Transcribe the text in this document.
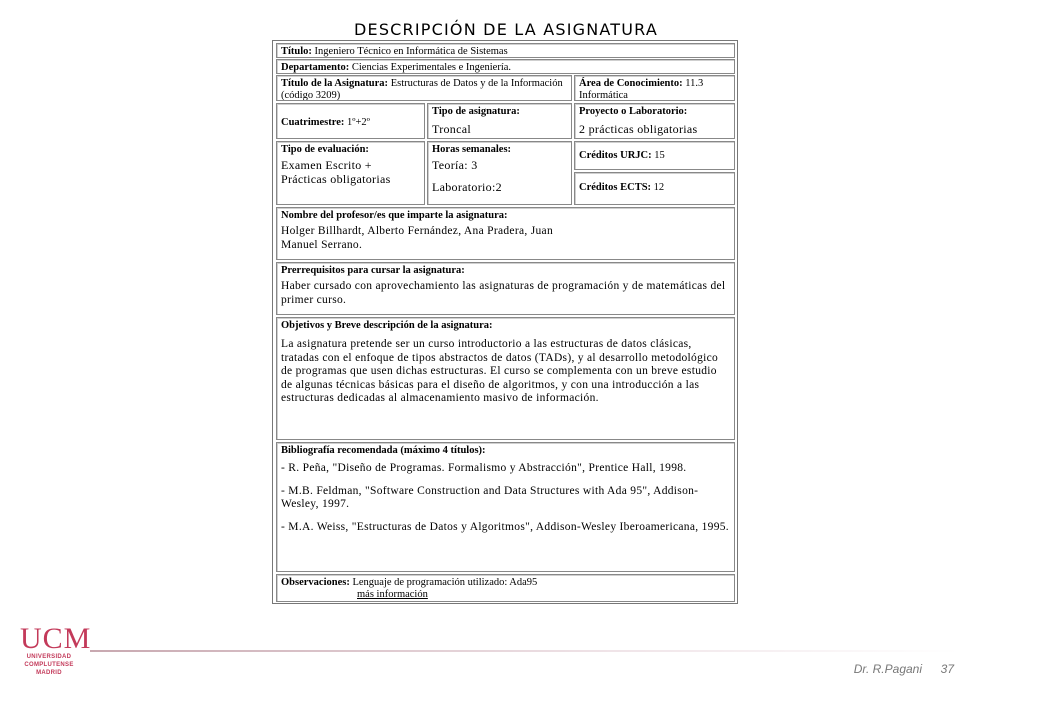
DESCRIPCIÓN DE LA ASIGNATURA
Título: Ingeniero Técnico en Informática de Sistemas
Departamento: Ciencias Experimentales e Ingeniería.
Título de la Asignatura: Estructuras de Datos y de la Información (código 3209)
Área de Conocimiento: 11.3 Informática
Cuatrimestre: 1º+2º
Tipo de asignatura:
Troncal
Proyecto o Laboratorio:
2 prácticas obligatorias
Tipo de evaluación:
Examen Escrito +
Prácticas obligatorias
Horas semanales:
Teoría: 3
Laboratorio:2
Créditos URJC: 15
Créditos ECTS: 12
Nombre del profesor/es que imparte la asignatura:
Holger Billhardt, Alberto Fernández, Ana Pradera, Juan Manuel Serrano.
Prerrequisitos para cursar la asignatura:
Haber cursado con aprovechamiento las asignaturas de programación y de matemáticas del primer curso.
Objetivos y Breve descripción de la asignatura:
La asignatura pretende ser un curso introductorio a las estructuras de datos clásicas, tratadas con el enfoque de tipos abstractos de datos (TADs), y al desarrollo metodológico de programas que usen dichas estructuras. El curso se complementa con un breve estudio de algunas técnicas básicas para el diseño de algoritmos, y con una introducción a las estructuras dedicadas al almacenamiento masivo de información.
Bibliografía recomendada (máximo 4 títulos):
- R. Peña, "Diseño de Programas. Formalismo y Abstracción", Prentice Hall, 1998.
- M.B. Feldman, "Software Construction and Data Structures with Ada 95", Addison-Wesley, 1997.
- M.A. Weiss, "Estructuras de Datos y Algoritmos", Addison-Wesley Iberoamericana, 1995.
Observaciones: Lenguaje de programación utilizado: Ada95
más información
UCM
UNIVERSIDAD
COMPLUTENSE
MADRID	Dr. R.Pagani 37
